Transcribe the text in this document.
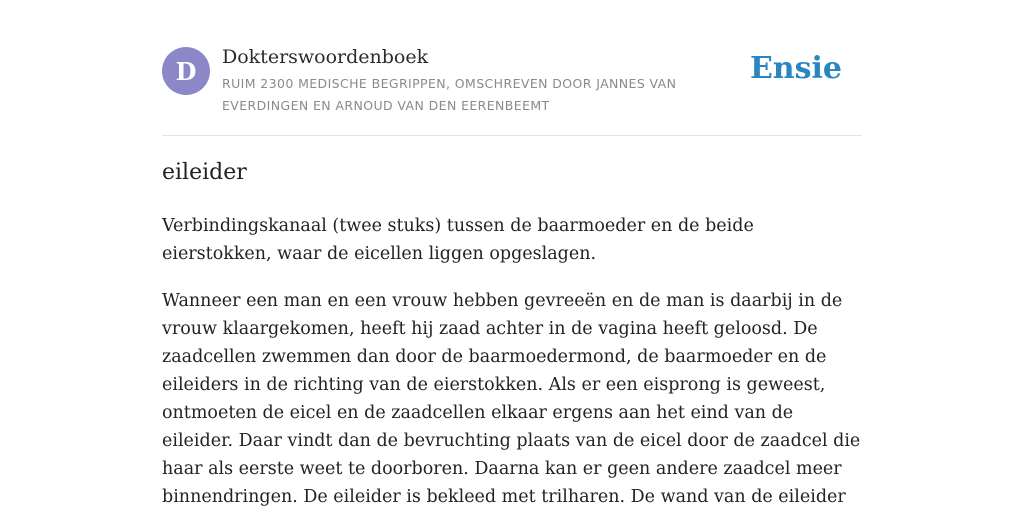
D	Dokterswoordenboek
RUIM 2300 MEDISCHE BEGRIPPEN, OMSCHREVEN DOOR JANNES VAN EVERDINGEN EN ARNOUD VAN DEN EERENBEEMT
Ensie
eileider

Verbindingskanaal (twee stuks) tussen de baarmoeder en de beide eierstokken, waar de eicellen liggen opgeslagen.

Wanneer een man en een vrouw hebben gevreeën en de man is daarbij in de vrouw klaargekomen, heeft hij zaad achter in de vagina heeft geloosd. De zaadcellen zwemmen dan door de baarmoedermond, de baarmoeder en de eileiders in de richting van de eierstokken. Als er een eisprong is geweest, ontmoeten de eicel en de zaadcellen elkaar ergens aan het eind van de eileider. Daar vindt dan de bevruchting plaats van de eicel door de zaadcel die haar als eerste weet te doorboren. Daarna kan er geen andere zaadcel meer binnendringen. De eileider is bekleed met trilharen. De wand van de eileider
